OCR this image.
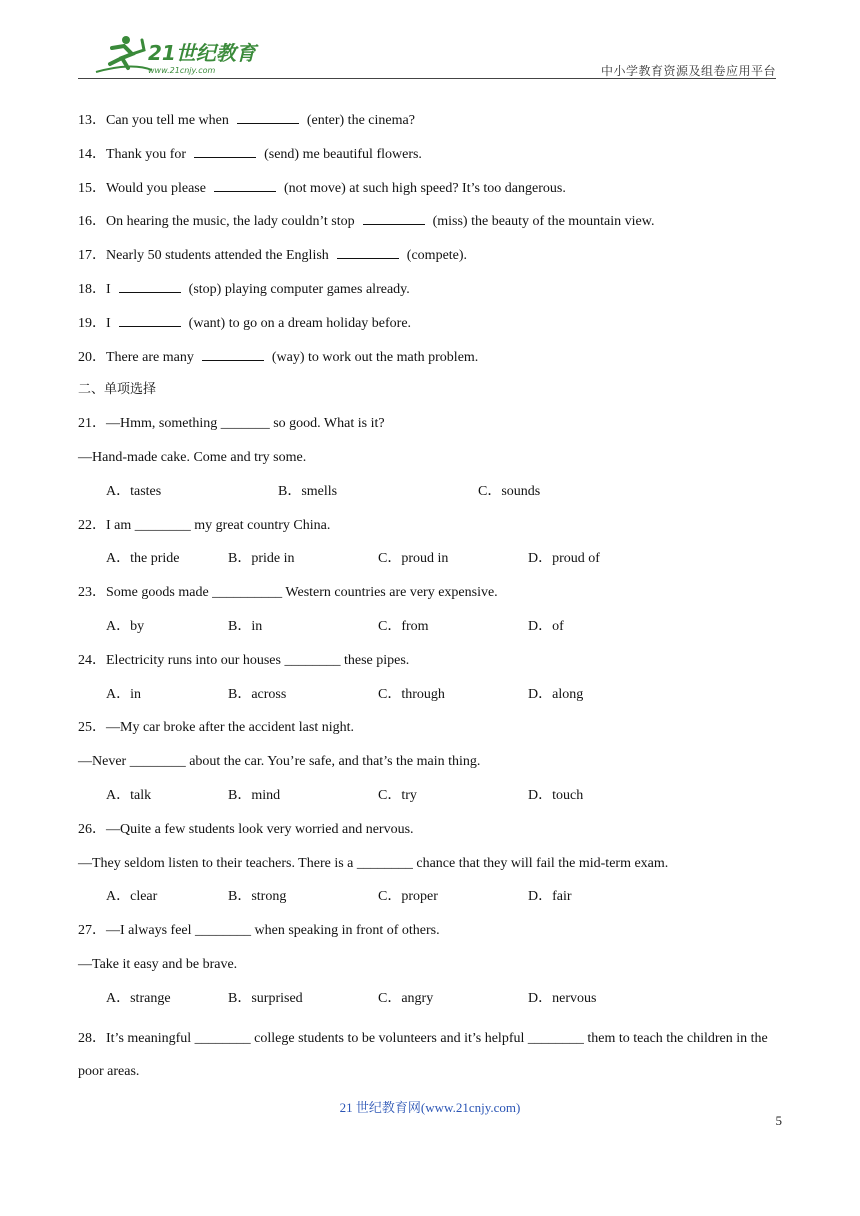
21世纪教育
www.21cnjy.com	中小学教育资源及组卷应用平台
13．Can you tell me when	(enter) the cinema?
14．Thank you for	(send) me beautiful flowers.
15．Would you please	(not move) at such high speed? It’s too dangerous.
16．On hearing the music, the lady couldn’t stop	(miss) the beauty of the mountain view.
17．Nearly 50 students attended the English	(compete).
18．I	(stop) playing computer games already.
19．I	(want) to go on a dream holiday before.
20．There are many	(way) to work out the math problem.
二、单项选择
21．—Hmm, something _______ so good. What is it?
—Hand-made cake. Come and try some.
A．tastes	B．smells	C．sounds
22．I am ________ my great country China.
A．the pride	B．pride in	C．proud in	D．proud of
23．Some goods made __________ Western countries are very expensive.
A．by	B．in	C．from	D．of
24．Electricity runs into our houses ________ these pipes.
A．in	B．across	C．through	D．along
25．—My car broke after the accident last night.
—Never ________ about the car. You’re safe, and that’s the main thing.
A．talk	B．mind	C．try	D．touch
26．—Quite a few students look very worried and nervous.
—They seldom listen to their teachers. There is a ________ chance that they will fail the mid-term exam.
A．clear	B．strong	C．proper	D．fair
27．—I always feel ________ when speaking in front of others.
—Take it easy and be brave.
A．strange	B．surprised	C．angry	D．nervous
28．It’s meaningful ________ college students to be volunteers and it’s helpful ________ them to teach the children in the poor areas.
21 世纪教育网(www.21cnjy.com)
5
